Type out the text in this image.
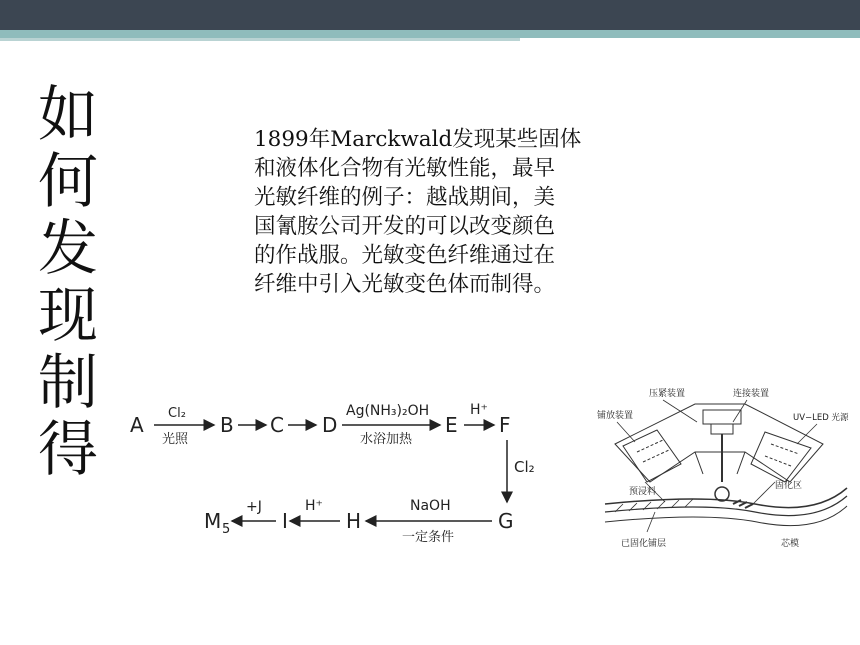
如
何
发
现
制
得
1899年Marckwald发现某些固体
和液体化合物有光敏性能，最早
光敏纤维的例子：越战期间，美
国氰胺公司开发的可以改变颜色
的作战服。光敏变色纤维通过在
纤维中引入光敏变色体而制得。
A Cl₂
光照
B C D
Ag(NH₃)₂OH
水浴加热
E
H⁺
F
Cl₂
G
NaOH
一定条件
H
H⁺
I
+J
M 5
压紧装置	连接装置
铺放装置	UV−LED 光源
预浸料
固化区
已固化铺层	芯模
